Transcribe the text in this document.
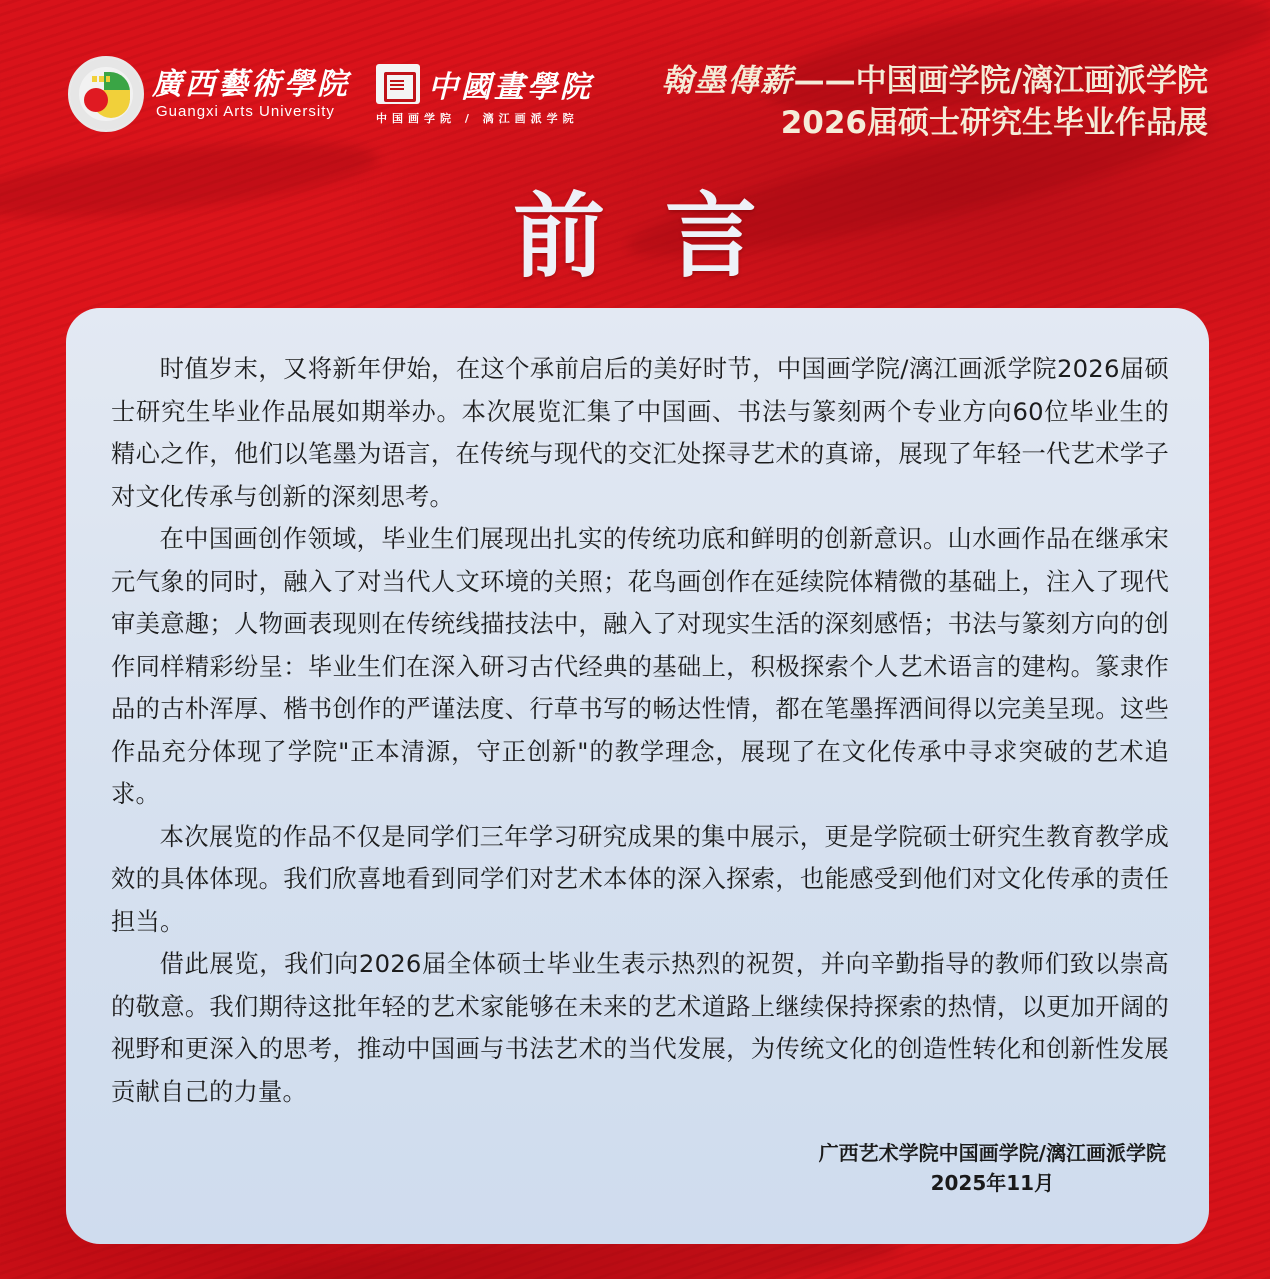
廣西藝術學院
Guangxi Arts University
中國畫學院
中国画学院 / 漓江画派学院
翰墨傳薪——中国画学院/漓江画派学院
2026届硕士研究生毕业作品展
前言

时值岁末，又将新年伊始，在这个承前启后的美好时节，中国画学院/漓江画派学院2026届硕士研究生毕业作品展如期举办。本次展览汇集了中国画、书法与篆刻两个专业方向60位毕业生的精心之作，他们以笔墨为语言，在传统与现代的交汇处探寻艺术的真谛，展现了年轻一代艺术学子对文化传承与创新的深刻思考。

在中国画创作领域，毕业生们展现出扎实的传统功底和鲜明的创新意识。山水画作品在继承宋元气象的同时，融入了对当代人文环境的关照；花鸟画创作在延续院体精微的基础上，注入了现代审美意趣；人物画表现则在传统线描技法中，融入了对现实生活的深刻感悟；书法与篆刻方向的创作同样精彩纷呈：毕业生们在深入研习古代经典的基础上，积极探索个人艺术语言的建构。篆隶作品的古朴浑厚、楷书创作的严谨法度、行草书写的畅达性情，都在笔墨挥洒间得以完美呈现。这些作品充分体现了学院"正本清源，守正创新"的教学理念，展现了在文化传承中寻求突破的艺术追求。

本次展览的作品不仅是同学们三年学习研究成果的集中展示，更是学院硕士研究生教育教学成效的具体体现。我们欣喜地看到同学们对艺术本体的深入探索，也能感受到他们对文化传承的责任担当。

借此展览，我们向2026届全体硕士毕业生表示热烈的祝贺，并向辛勤指导的教师们致以崇高的敬意。我们期待这批年轻的艺术家能够在未来的艺术道路上继续保持探索的热情，以更加开阔的视野和更深入的思考，推动中国画与书法艺术的当代发展，为传统文化的创造性转化和创新性发展贡献自己的力量。

广西艺术学院中国画学院/漓江画派学院
2025年11月
